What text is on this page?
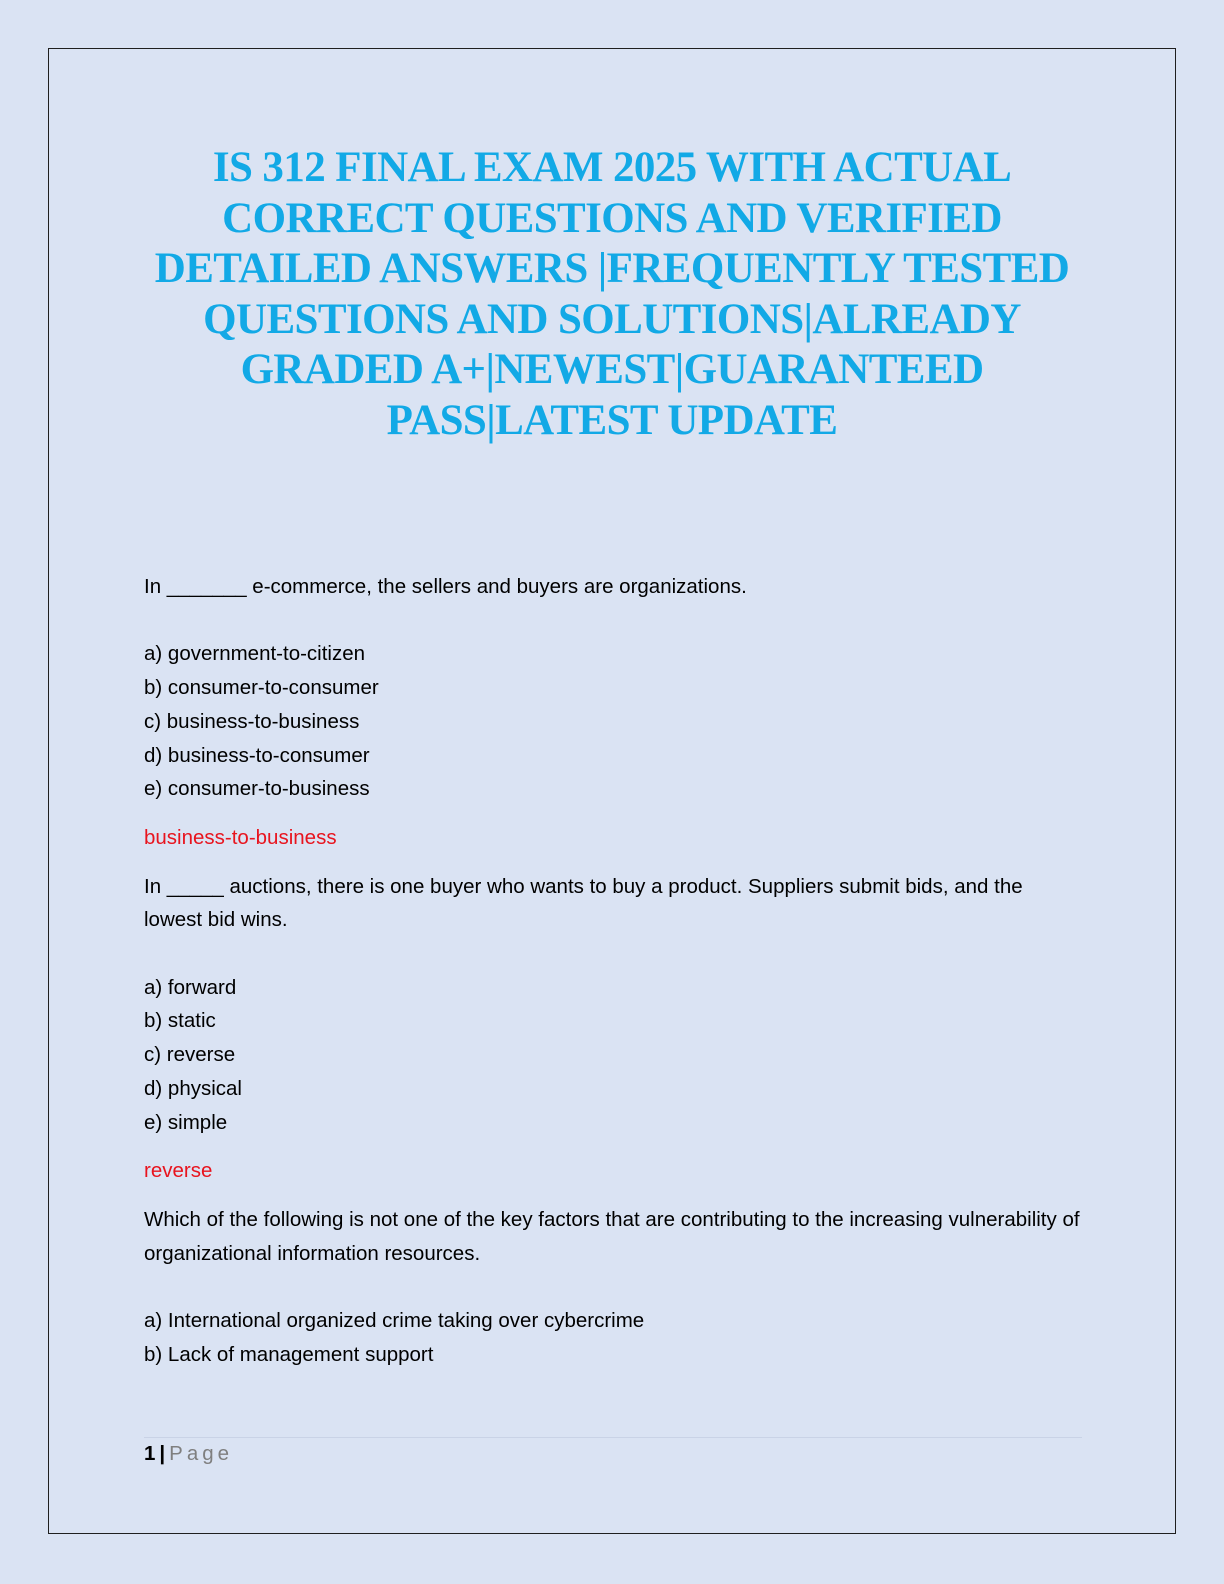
IS 312 FINAL EXAM 2025 WITH ACTUAL CORRECT QUESTIONS AND VERIFIED DETAILED ANSWERS |FREQUENTLY TESTED QUESTIONS AND SOLUTIONS|ALREADY GRADED A+|NEWEST|GUARANTEED PASS|LATEST UPDATE

In _______ e-commerce, the sellers and buyers are organizations.

a) government-to-citizen
b) consumer-to-consumer
c) business-to-business
d) business-to-consumer
e) consumer-to-business

business-to-business

In _____ auctions, there is one buyer who wants to buy a product. Suppliers submit bids, and the lowest bid wins.

a) forward
b) static
c) reverse
d) physical
e) simple

reverse

Which of the following is not one of the key factors that are contributing to the increasing vulnerability of organizational information resources.

a) International organized crime taking over cybercrime
b) Lack of management support
1 | Page
